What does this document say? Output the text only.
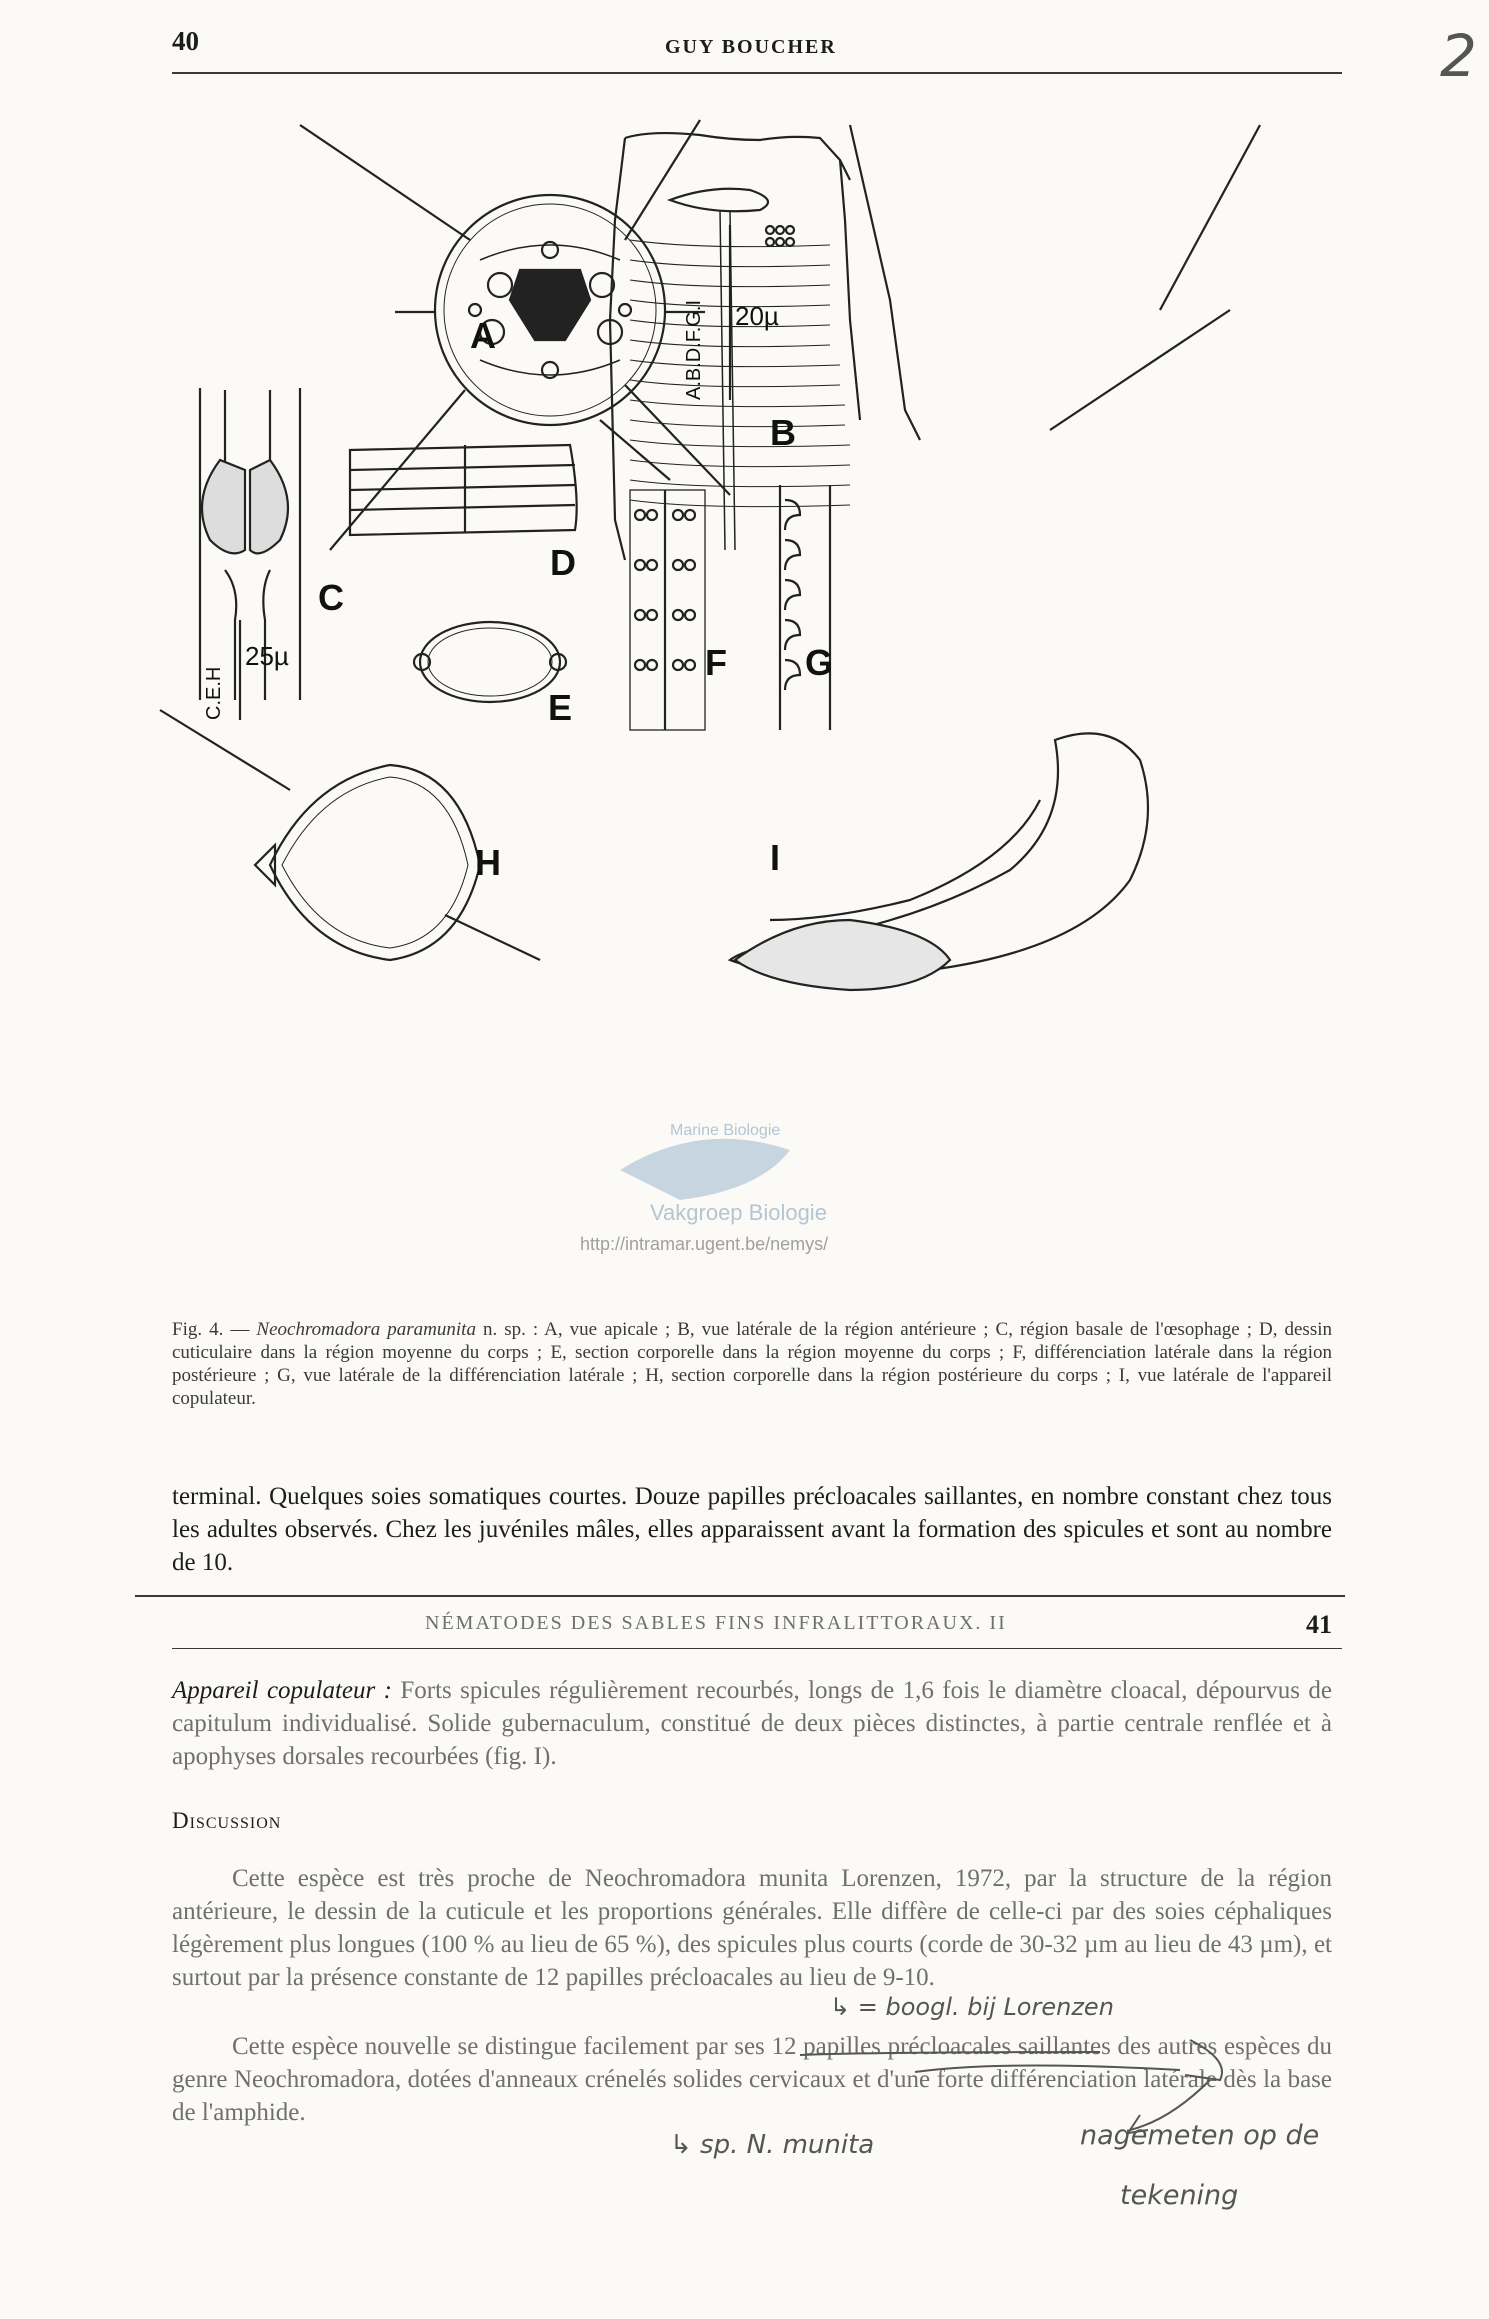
40	GUY BOUCHER	2
20µ
A.B.D.F.G.I
25µ
C.E.H
A
B
C
D
E
F G
H	I
Marine Biologie
Vakgroep Biologie
http://intramar.ugent.be/nemys/
Fig. 4. — Neochromadora paramunita n. sp. : A, vue apicale ; B, vue latérale de la région antérieure ; C, région basale de l'œsophage ; D, dessin cuticulaire dans la région moyenne du corps ; E, section corporelle dans la région moyenne du corps ; F, différenciation latérale dans la région postérieure ; G, vue latérale de la différenciation latérale ; H, section corporelle dans la région postérieure du corps ; I, vue latérale de l'appareil copulateur.
terminal. Quelques soies somatiques courtes. Douze papilles précloacales saillantes, en nombre constant chez tous les adultes observés. Chez les juvéniles mâles, elles apparaissent avant la formation des spicules et sont au nombre de 10.
NÉMATODES DES SABLES FINS INFRALITTORAUX. II	41
Appareil copulateur : Forts spicules régulièrement recourbés, longs de 1,6 fois le diamètre cloacal, dépourvus de capitulum individualisé. Solide gubernaculum, constitué de deux pièces distinctes, à partie centrale renflée et à apophyses dorsales recourbées (fig. I).
Discussion
Cette espèce est très proche de Neochromadora munita Lorenzen, 1972, par la structure de la région antérieure, le dessin de la cuticule et les proportions générales. Elle diffère de celle-ci par des soies céphaliques légèrement plus longues (100 % au lieu de 65 %), des spicules plus courts (corde de 30-32 µm au lieu de 43 µm), et surtout par la présence constante de 12 papilles précloacales au lieu de 9-10.
Cette espèce nouvelle se distingue facilement par ses 12 papilles précloacales saillantes des autres espèces du genre Neochromadora, dotées d'anneaux crénelés solides cervicaux et d'une forte différenciation latérale dès la base de l'amphide.
↳ = boogl. bij Lorenzen
↳ sp. N. munita	nagemeten op de
tekening
